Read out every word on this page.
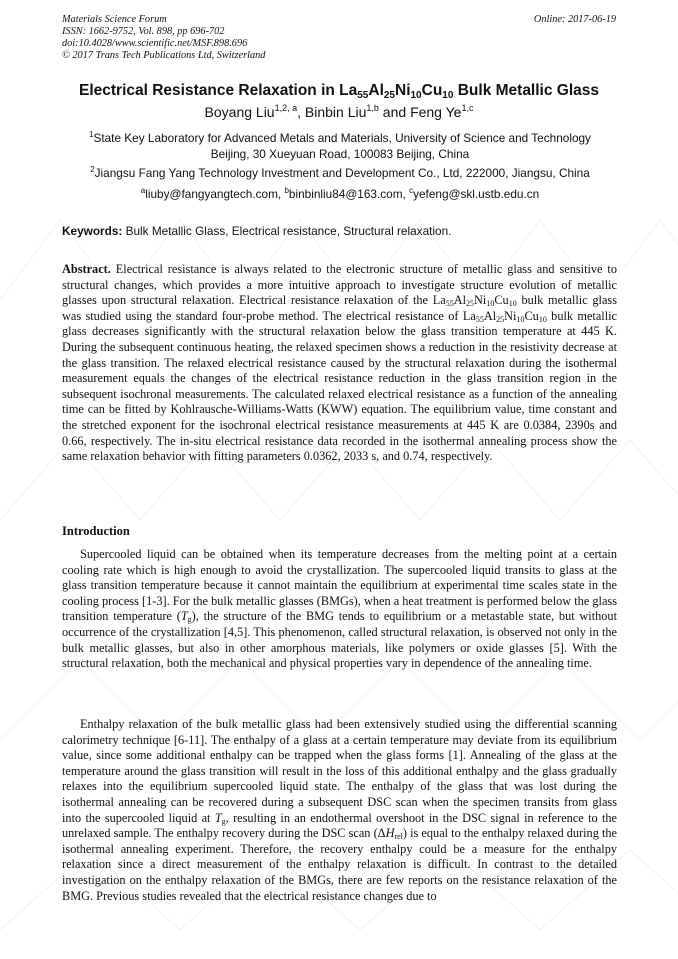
Materials Science Forum
ISSN: 1662-9752, Vol. 898, pp 696-702
doi:10.4028/www.scientific.net/MSF.898.696
© 2017 Trans Tech Publications Ltd, Switzerland
Online: 2017-06-19
Electrical Resistance Relaxation in $La_{55}Al_{25}Ni_{10}Cu_{10}$ Bulk Metallic Glass
Boyang Liu$^{1,2, a}$, Binbin Liu$^{1,b}$ and Feng Ye$^{1,c}$
$^1$State Key Laboratory for Advanced Metals and Materials, University of Science and Technology
Beijing, 30 Xueyuan Road, 100083 Beijing, China
$^2$Jiangsu Fang Yang Technology Investment and Development Co., Ltd, 222000, Jiangsu, China
$^a$liuby@fangyangtech.com, $^b$binbinliu84@163.com, $^c$yefeng@skl.ustb.edu.cn
Keywords: Bulk Metallic Glass, Electrical resistance, Structural relaxation.
Abstract. Electrical resistance is always related to the electronic structure of metallic glass and sensitive to structural changes, which provides a more intuitive approach to investigate structure evolution of metallic glasses upon structural relaxation. Electrical resistance relaxation of the $La_{55}Al_{25}Ni_{10}Cu_{10}$ bulk metallic glass was studied using the standard four-probe method. The electrical resistance of $La_{55}Al_{25}Ni_{10}Cu_{10}$ bulk metallic glass decreases significantly with the structural relaxation below the glass transition temperature at 445 K. During the subsequent continuous heating, the relaxed specimen shows a reduction in the resistivity decrease at the glass transition. The relaxed electrical resistance caused by the structural relaxation during the isothermal measurement equals the changes of the electrical resistance reduction in the glass transition region in the subsequent isochronal measurements. The calculated relaxed electrical resistance as a function of the annealing time can be fitted by Kohlrausche-Williams-Watts (KWW) equation. The equilibrium value, time constant and the stretched exponent for the isochronal electrical resistance measurements at 445 K are 0.0384, 2390s and 0.66, respectively. The in-situ electrical resistance data recorded in the isothermal annealing process show the same relaxation behavior with fitting parameters 0.0362, 2033 s, and 0.74, respectively.
Introduction
Supercooled liquid can be obtained when its temperature decreases from the melting point at a certain cooling rate which is high enough to avoid the crystallization. The supercooled liquid transits to glass at the glass transition temperature because it cannot maintain the equilibrium at experimental time scales state in the cooling process [1-3]. For the bulk metallic glasses (BMGs), when a heat treatment is performed below the glass transition temperature $(T_g)$, the structure of the BMG tends to equilibrium or a metastable state, but without occurrence of the crystallization [4,5]. This phenomenon, called structural relaxation, is observed not only in the bulk metallic glasses, but also in other amorphous materials, like polymers or oxide glasses [5]. With the structural relaxation, both the mechanical and physical properties vary in dependence of the annealing time.
Enthalpy relaxation of the bulk metallic glass had been extensively studied using the differential scanning calorimetry technique [6-11]. The enthalpy of a glass at a certain temperature may deviate from its equilibrium value, since some additional enthalpy can be trapped when the glass forms [1]. Annealing of the glass at the temperature around the glass transition will result in the loss of this additional enthalpy and the glass gradually relaxes into the equilibrium supercooled liquid state. The enthalpy of the glass that was lost during the isothermal annealing can be recovered during a subsequent DSC scan when the specimen transits from glass into the supercooled liquid at $T_g$, resulting in an endothermal overshoot in the DSC signal in reference to the unrelaxed sample. The enthalpy recovery during the DSC scan $(\Delta H_{rel})$ is equal to the enthalpy relaxed during the isothermal annealing experiment. Therefore, the recovery enthalpy could be a measure for the enthalpy relaxation since a direct measurement of the enthalpy relaxation is difficult. In contrast to the detailed investigation on the enthalpy relaxation of the BMGs, there are few reports on the resistance relaxation of the BMG. Previous studies revealed that the electrical resistance changes due to
